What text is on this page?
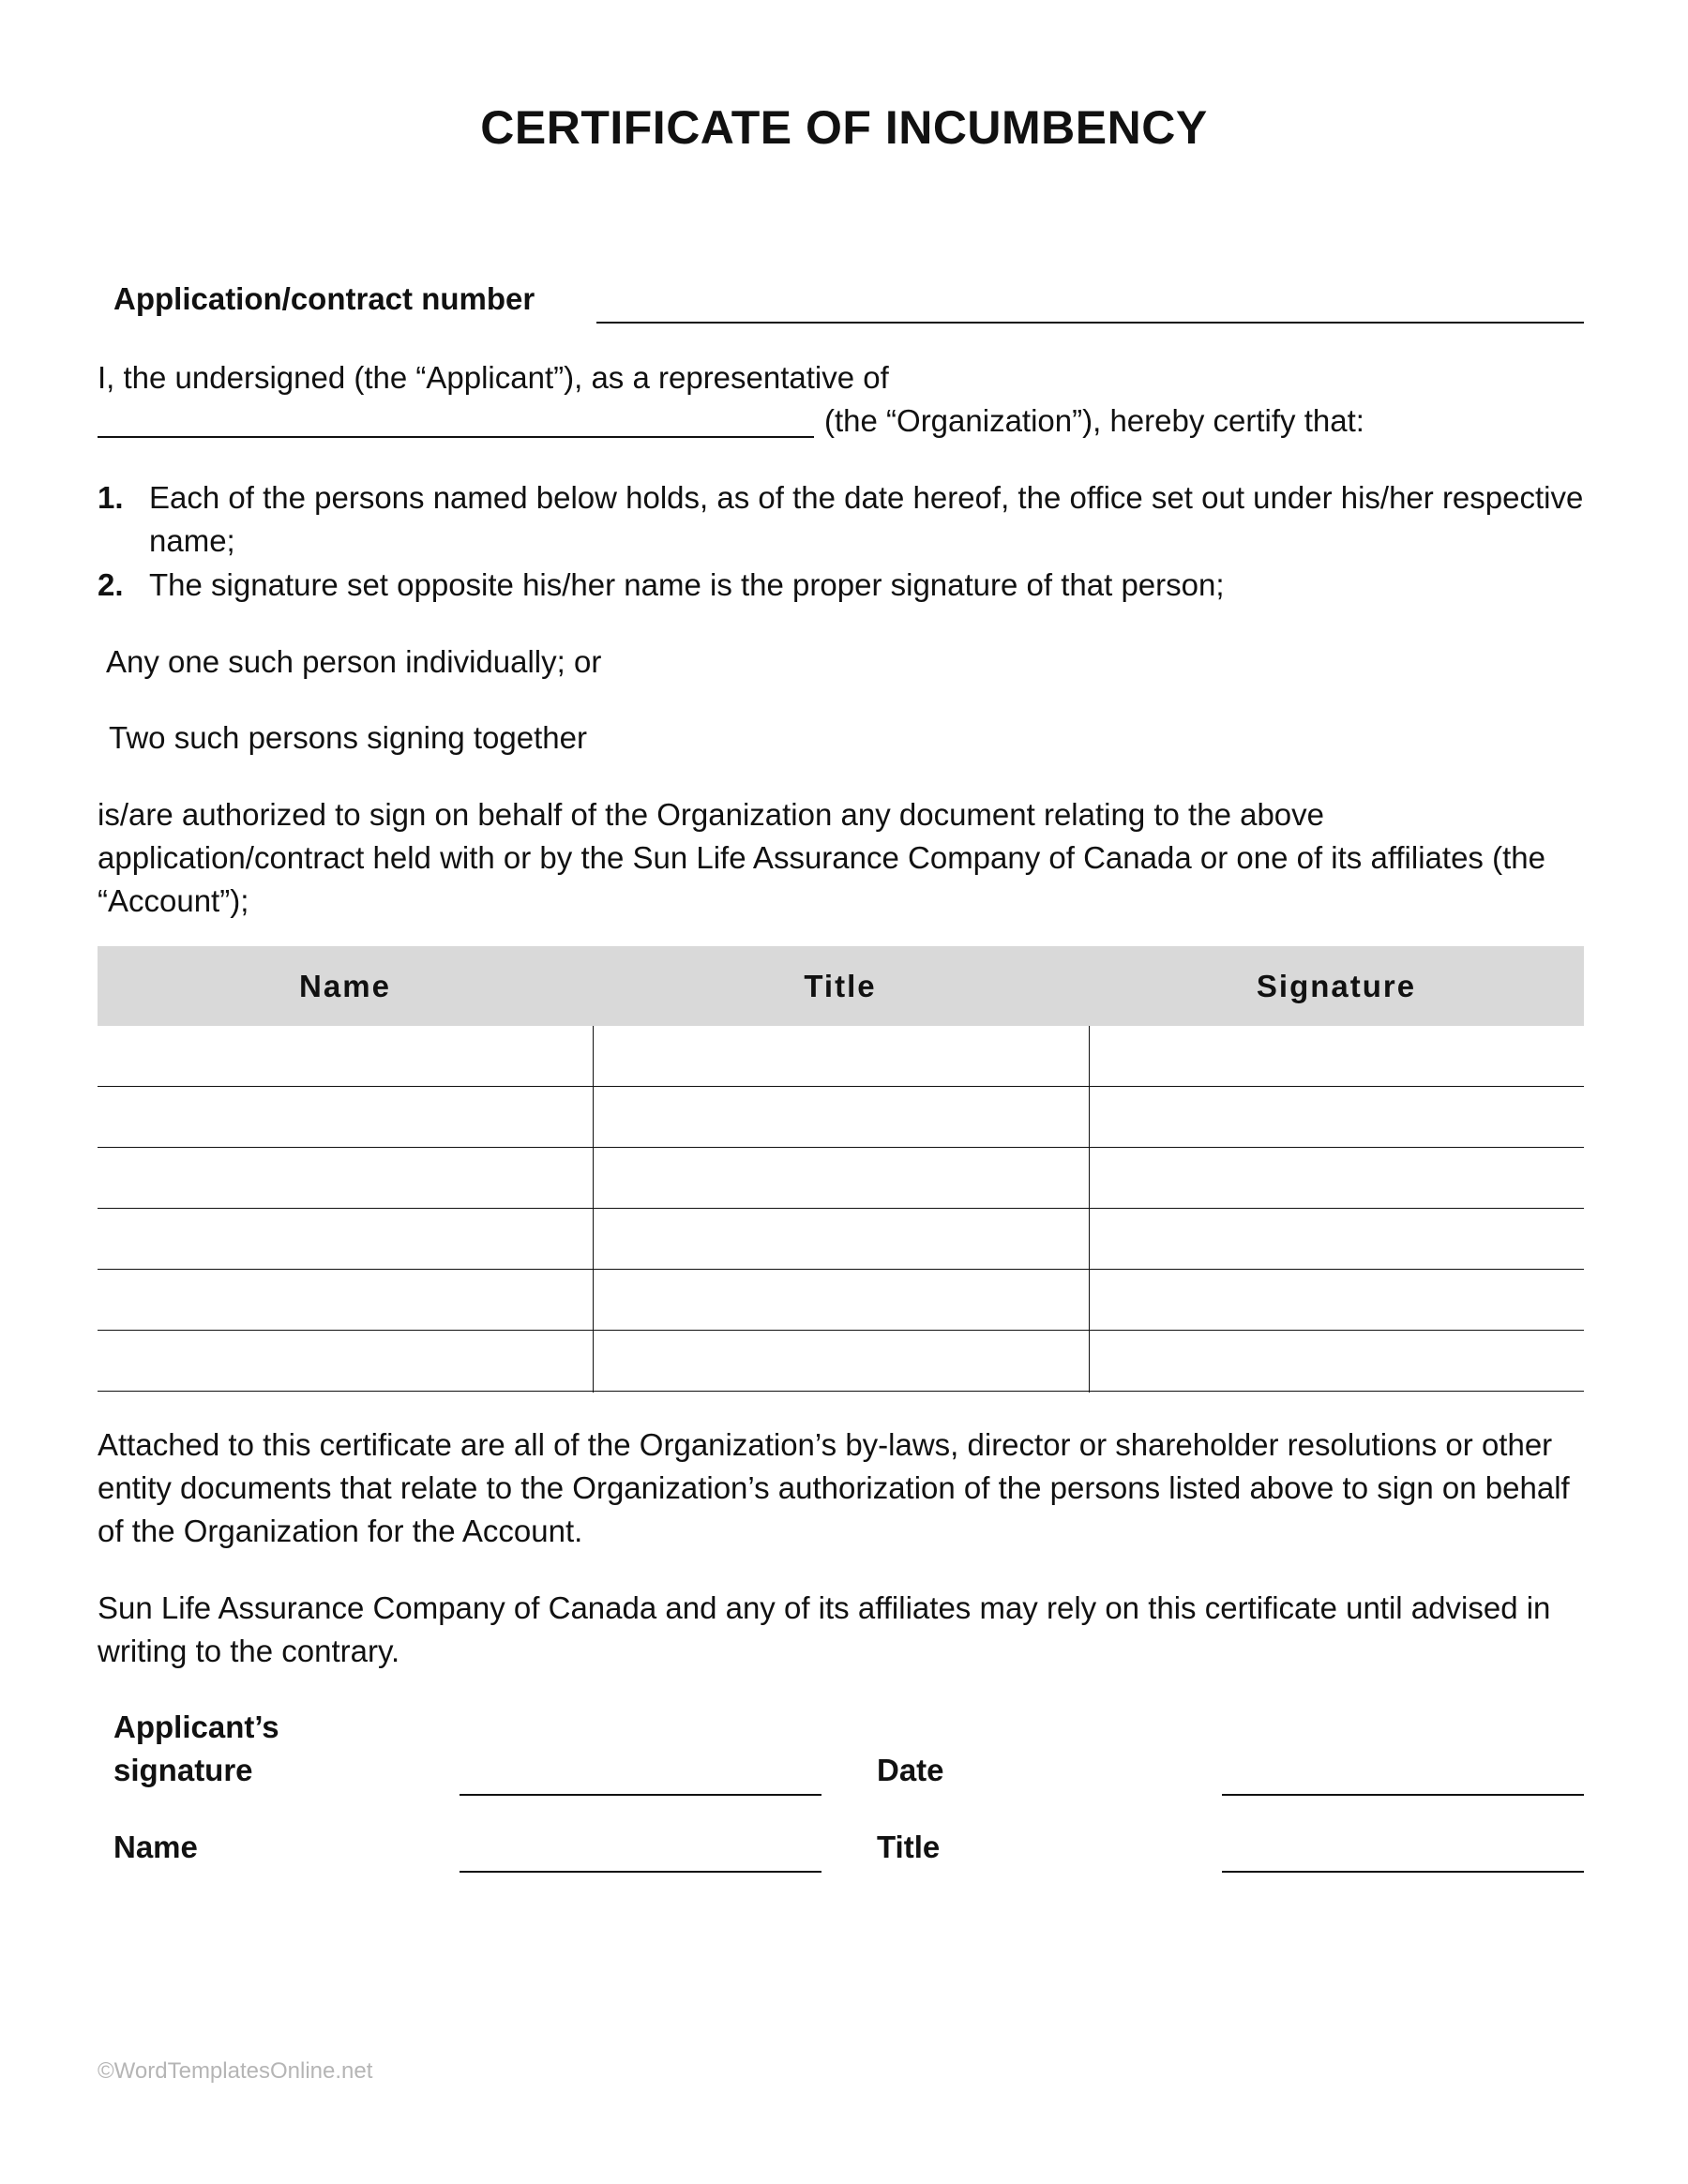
CERTIFICATE OF INCUMBENCY
Application/contract number
I, the undersigned (the “Applicant”), as a representative of
(the “Organization”), hereby certify that:
1. Each of the persons named below holds, as of the date hereof, the office set out under his/her respective name;
2. The signature set opposite his/her name is the proper signature of that person;
Any one such person individually; or
Two such persons signing together
is/are authorized to sign on behalf of the Organization any document relating to the above application/contract held with or by the Sun Life Assurance Company of Canada or one of its affiliates (the “Account”);
Name	Title	Signature
Attached to this certificate are all of the Organization’s by-laws, director or shareholder resolutions or other entity documents that relate to the Organization’s authorization of the persons listed above to sign on behalf of the Organization for the Account.
Sun Life Assurance Company of Canada and any of its affiliates may rely on this certificate until advised in writing to the contrary.
Applicant’s
signature	Date
Name	Title
©WordTemplatesOnline.net
